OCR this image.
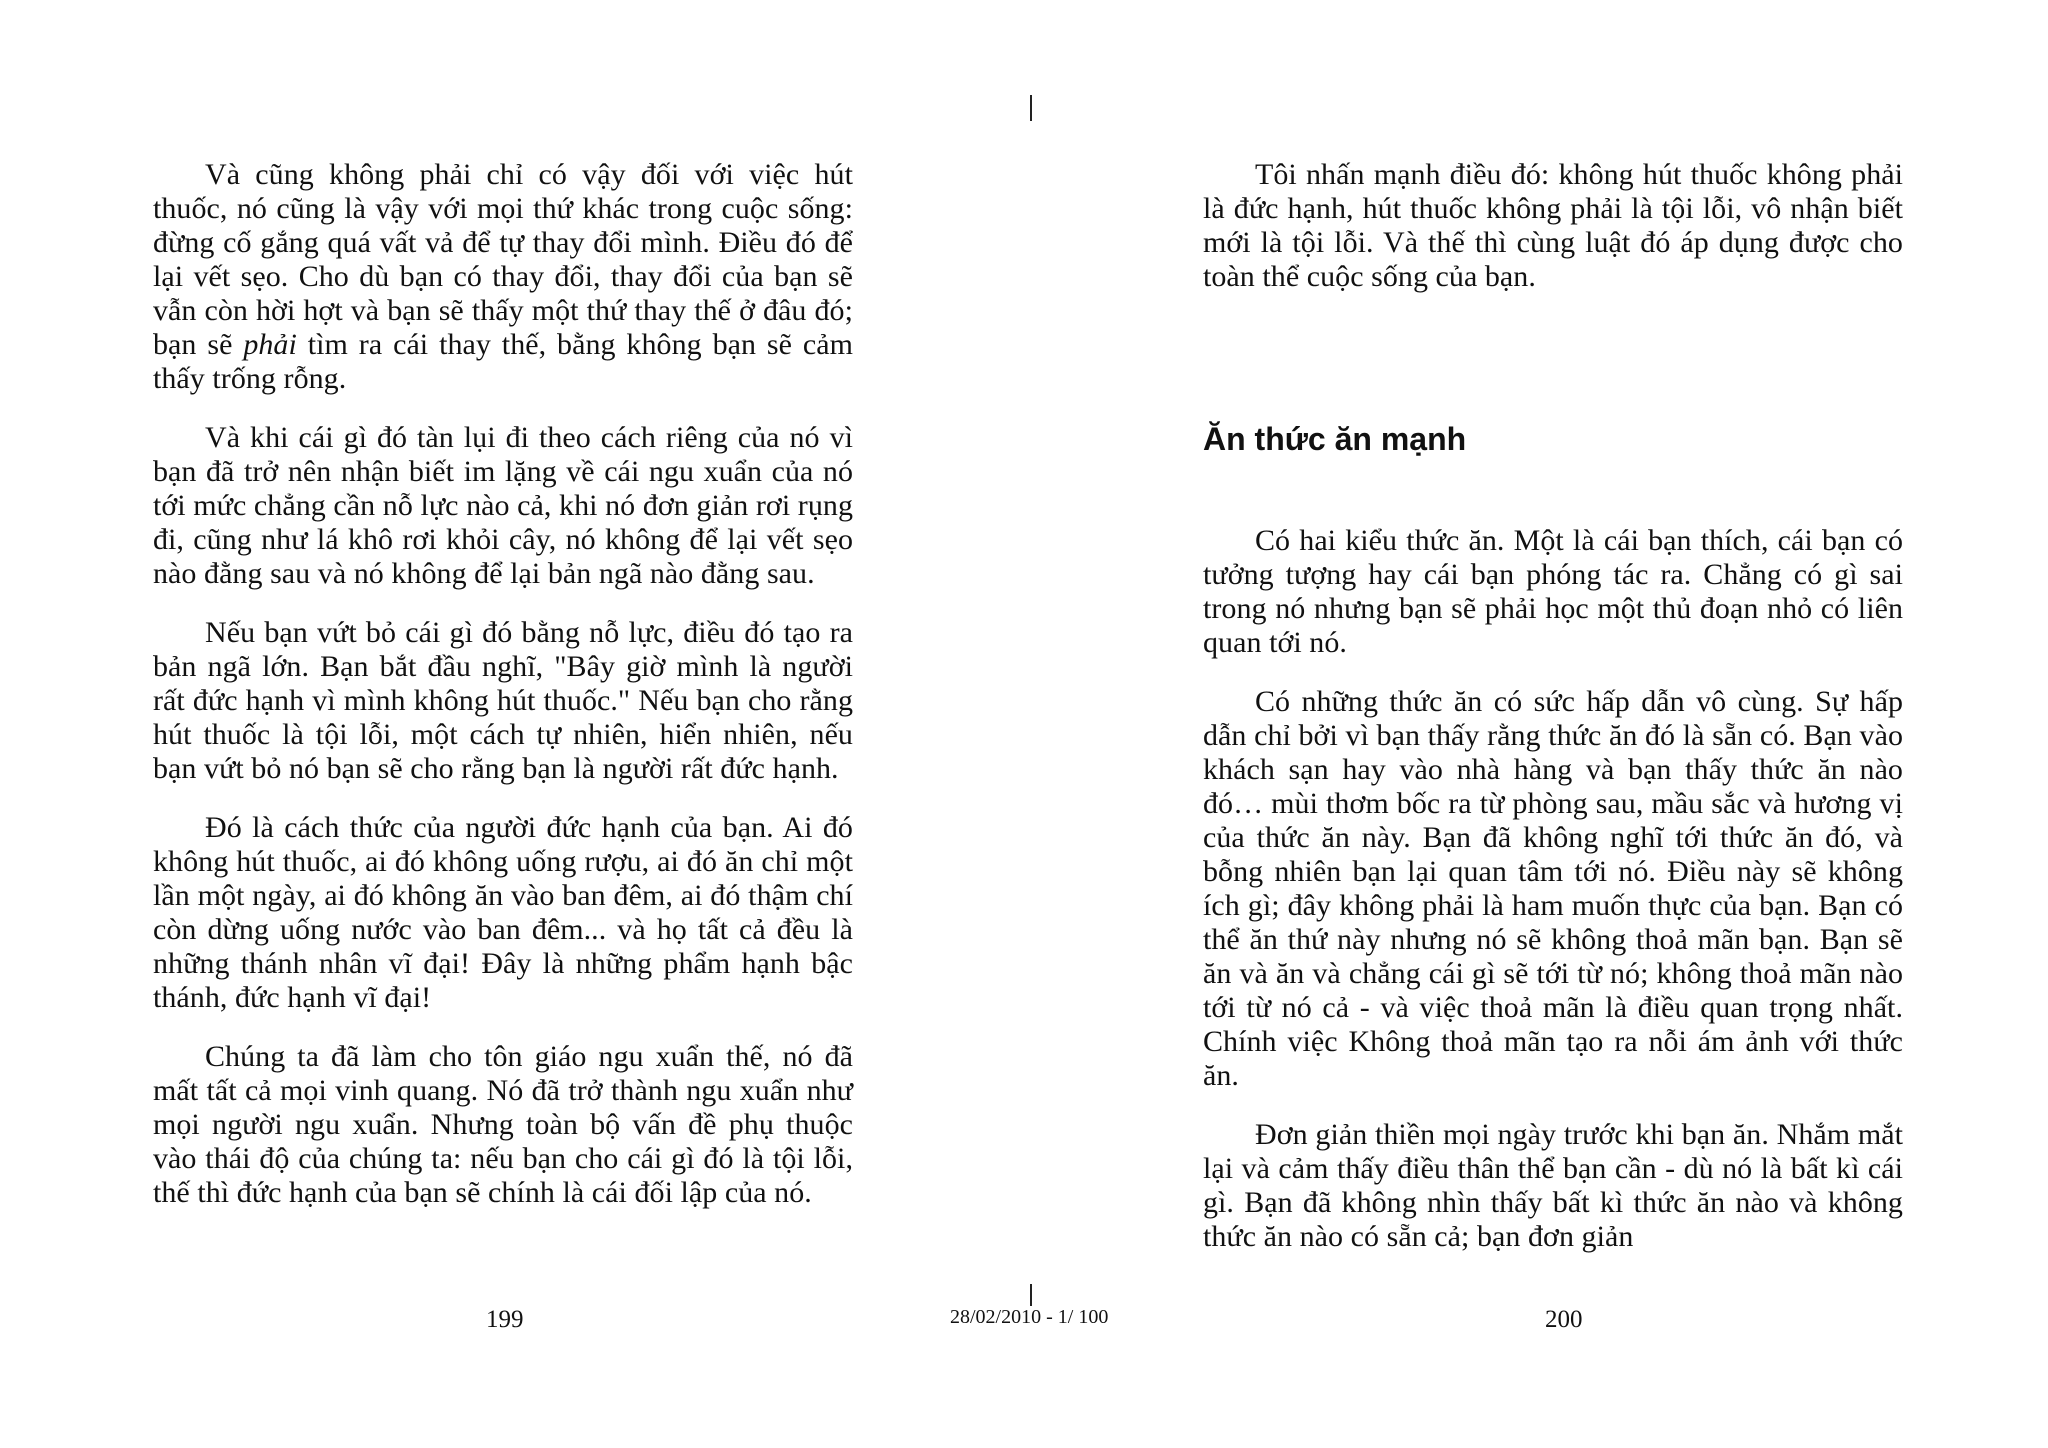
Và cũng không phải chỉ có vậy đối với việc hút thuốc, nó cũng là vậy với mọi thứ khác trong cuộc sống: đừng cố gắng quá vất vả để tự thay đổi mình. Điều đó để lại vết sẹo. Cho dù bạn có thay đổi, thay đổi của bạn sẽ vẫn còn hời hợt và bạn sẽ thấy một thứ thay thế ở đâu đó; bạn sẽ phải tìm ra cái thay thế, bằng không bạn sẽ cảm thấy trống rỗng.

Và khi cái gì đó tàn lụi đi theo cách riêng của nó vì bạn đã trở nên nhận biết im lặng về cái ngu xuẩn của nó tới mức chẳng cần nỗ lực nào cả, khi nó đơn giản rơi rụng đi, cũng như lá khô rơi khỏi cây, nó không để lại vết sẹo nào đằng sau và nó không để lại bản ngã nào đằng sau.

Nếu bạn vứt bỏ cái gì đó bằng nỗ lực, điều đó tạo ra bản ngã lớn. Bạn bắt đầu nghĩ, "Bây giờ mình là người rất đức hạnh vì mình không hút thuốc." Nếu bạn cho rằng hút thuốc là tội lỗi, một cách tự nhiên, hiển nhiên, nếu bạn vứt bỏ nó bạn sẽ cho rằng bạn là người rất đức hạnh.

Đó là cách thức của người đức hạnh của bạn. Ai đó không hút thuốc, ai đó không uống rượu, ai đó ăn chỉ một lần một ngày, ai đó không ăn vào ban đêm, ai đó thậm chí còn dừng uống nước vào ban đêm... và họ tất cả đều là những thánh nhân vĩ đại! Đây là những phẩm hạnh bậc thánh, đức hạnh vĩ đại!

Chúng ta đã làm cho tôn giáo ngu xuẩn thế, nó đã mất tất cả mọi vinh quang. Nó đã trở thành ngu xuẩn như mọi người ngu xuẩn. Nhưng toàn bộ vấn đề phụ thuộc vào thái độ của chúng ta: nếu bạn cho cái gì đó là tội lỗi, thế thì đức hạnh của bạn sẽ chính là cái đối lập của nó.

Tôi nhấn mạnh điều đó: không hút thuốc không phải là đức hạnh, hút thuốc không phải là tội lỗi, vô nhận biết mới là tội lỗi. Và thế thì cùng luật đó áp dụng được cho toàn thể cuộc sống của bạn.

Ăn thức ăn mạnh

Có hai kiểu thức ăn. Một là cái bạn thích, cái bạn có tưởng tượng hay cái bạn phóng tác ra. Chẳng có gì sai trong nó nhưng bạn sẽ phải học một thủ đoạn nhỏ có liên quan tới nó.

Có những thức ăn có sức hấp dẫn vô cùng. Sự hấp dẫn chỉ bởi vì bạn thấy rằng thức ăn đó là sẵn có. Bạn vào khách sạn hay vào nhà hàng và bạn thấy thức ăn nào đó… mùi thơm bốc ra từ phòng sau, mầu sắc và hương vị của thức ăn này. Bạn đã không nghĩ tới thức ăn đó, và bỗng nhiên bạn lại quan tâm tới nó. Điều này sẽ không ích gì; đây không phải là ham muốn thực của bạn. Bạn có thể ăn thứ này nhưng nó sẽ không thoả mãn bạn. Bạn sẽ ăn và ăn và chẳng cái gì sẽ tới từ nó; không thoả mãn nào tới từ nó cả - và việc thoả mãn là điều quan trọng nhất. Chính việc Không thoả mãn tạo ra nỗi ám ảnh với thức ăn.

Đơn giản thiền mọi ngày trước khi bạn ăn. Nhắm mắt lại và cảm thấy điều thân thể bạn cần - dù nó là bất kì cái gì. Bạn đã không nhìn thấy bất kì thức ăn nào và không thức ăn nào có sẵn cả; bạn đơn giản

199	28/02/2010 - 1/ 100	200
